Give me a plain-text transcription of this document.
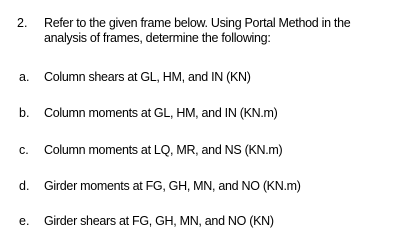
2. Refer to the given frame below. Using Portal Method in the
analysis of frames, determine the following:
a. Column shears at GL, HM, and IN (KN)
b. Column moments at GL, HM, and IN (KN.m)
c. Column moments at LQ, MR, and NS (KN.m)
d. Girder moments at FG, GH, MN, and NO (KN.m)
e. Girder shears at FG, GH, MN, and NO (KN)
